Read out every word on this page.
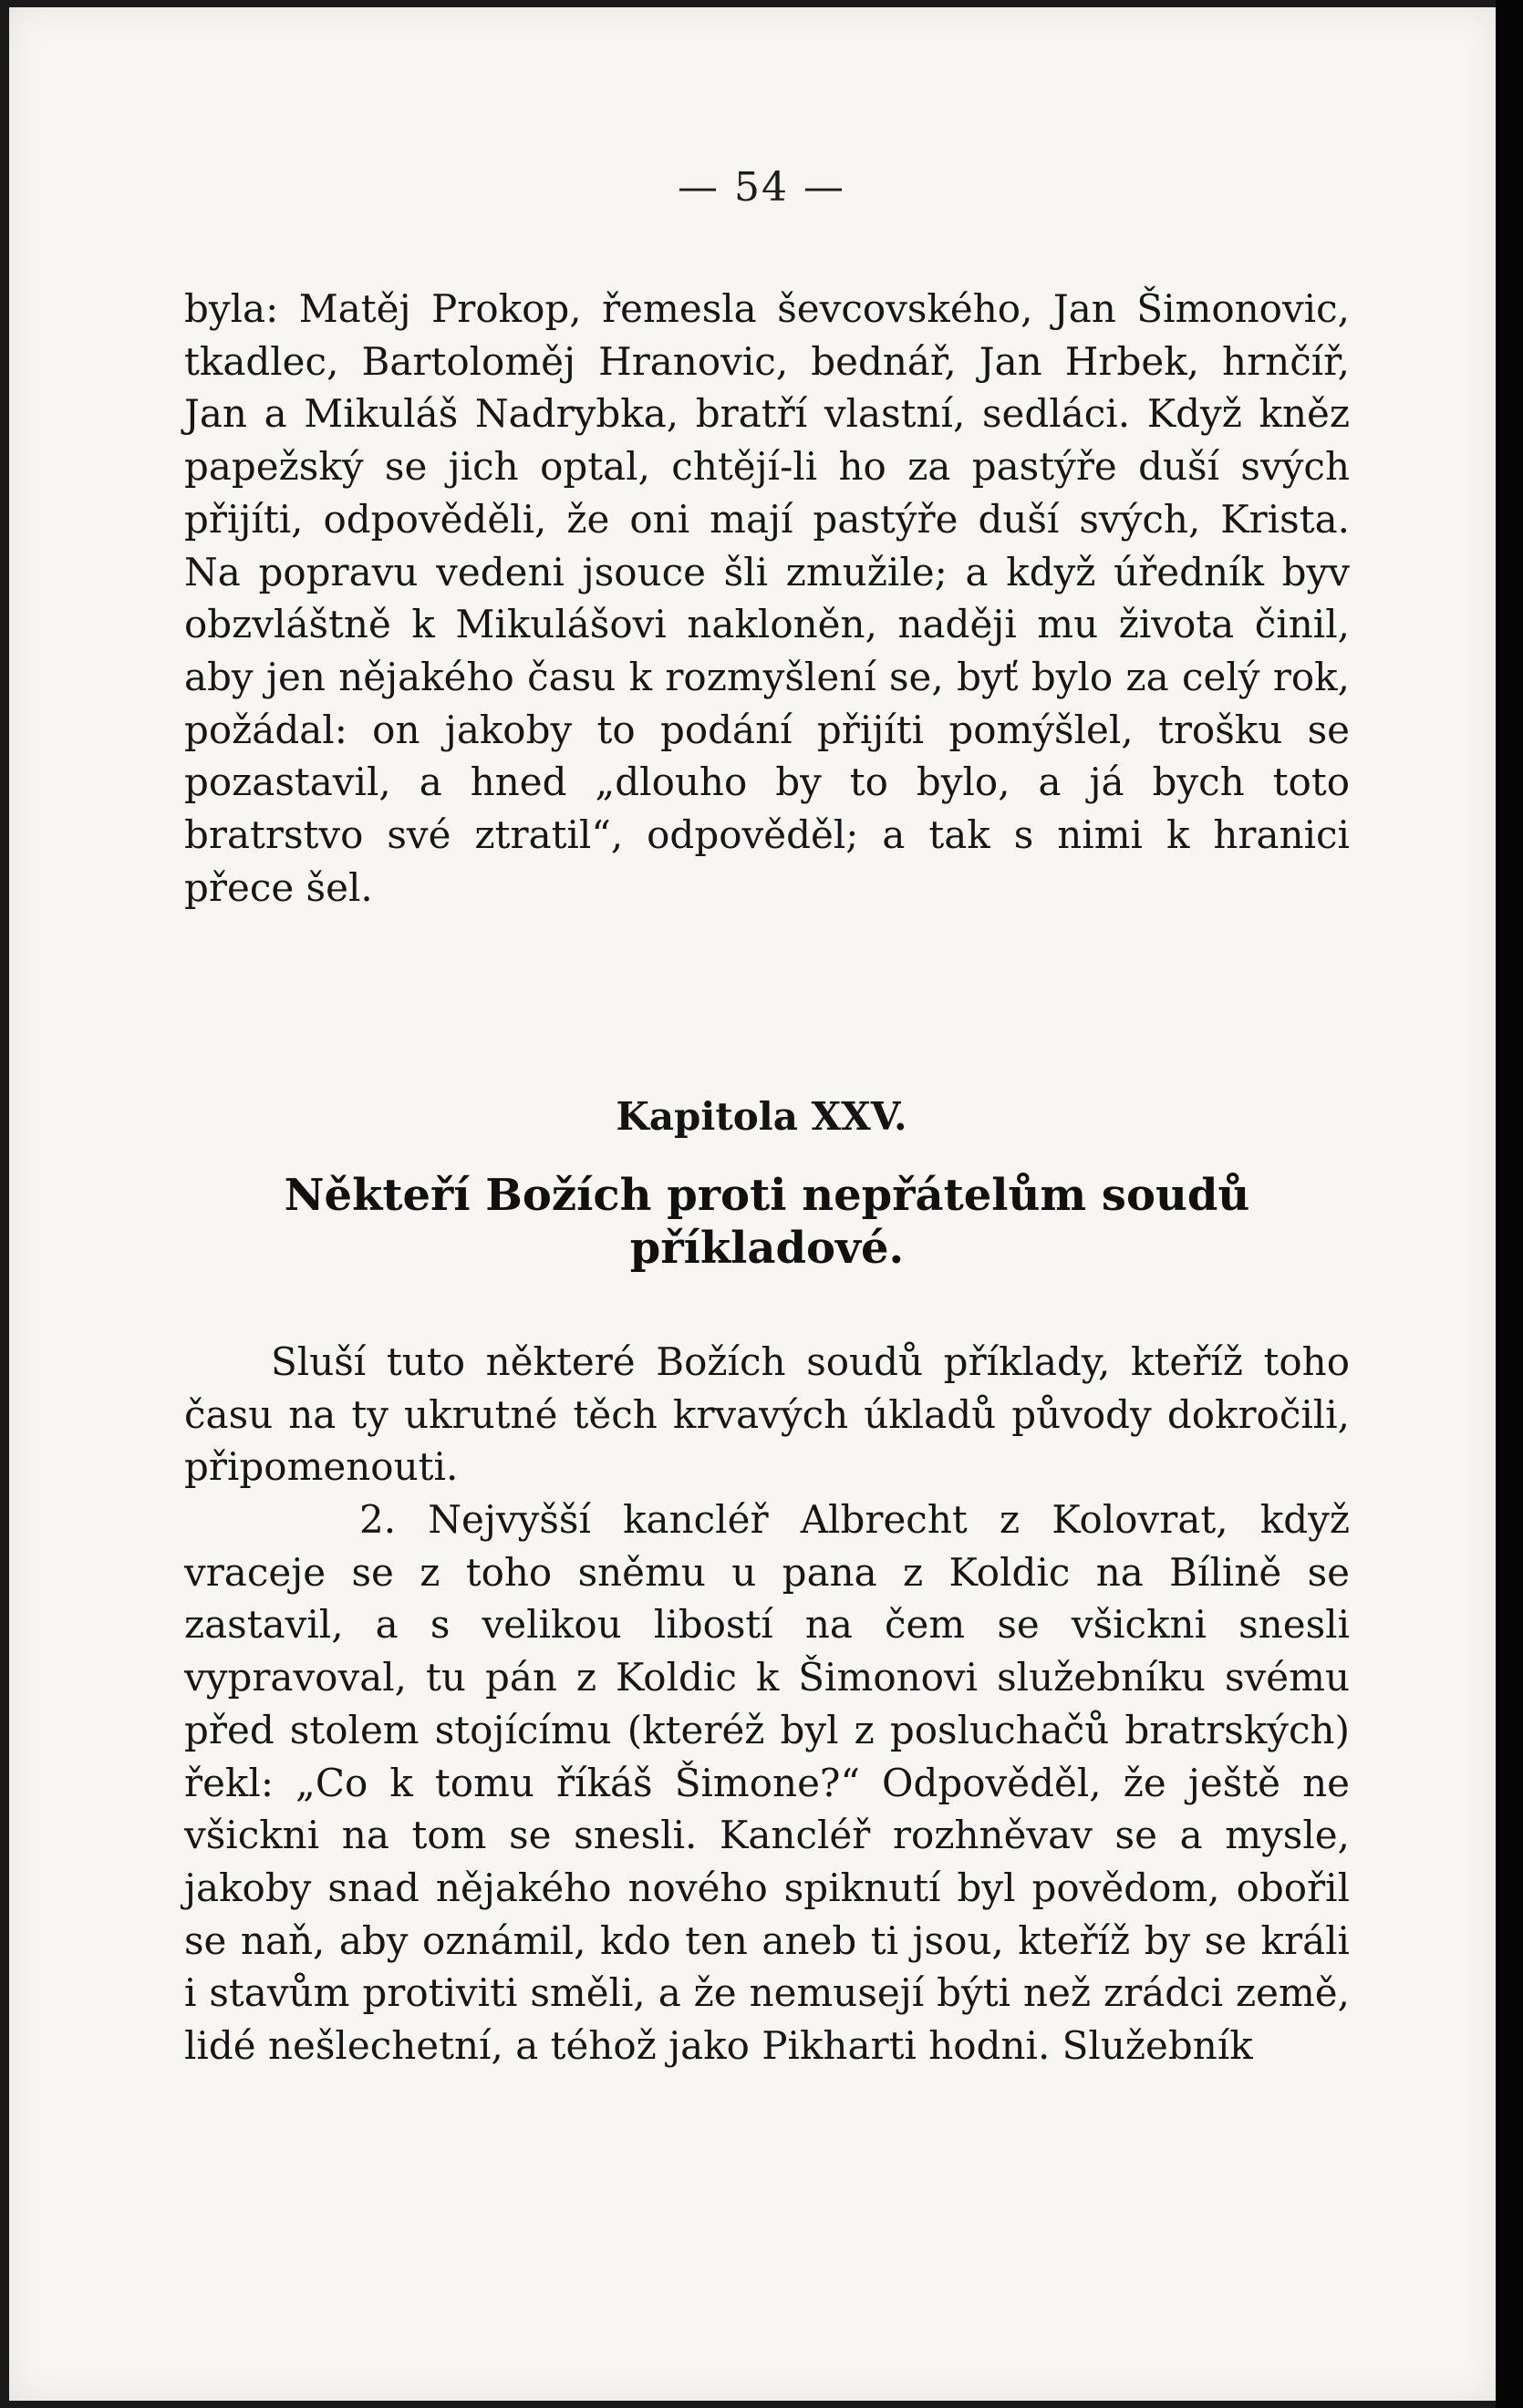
— 54 —
byla: Matěj Prokop, řemesla ševcovského, Jan Šimonovic, tkadlec, Bartoloměj Hranovic, bednář, Jan Hrbek, hrnčíř, Jan a Mikuláš Nadrybka, bratří vlastní, sedláci. Když kněz papežský se jich optal, chtějí-li ho za pastýře duší svých přijíti, odpověděli, že oni mají pastýře duší svých, Krista. Na popravu vedeni jsouce šli zmužile; a když úředník byv obzvláštně k Mikulášovi nakloněn, naději mu života činil, aby jen nějakého času k rozmyšlení se, byť bylo za celý rok, požádal: on jakoby to podání přijíti pomýšlel, trošku se pozastavil, a hned „dlouho by to bylo, a já bych toto bratrstvo své ztratil“, odpověděl; a tak s nimi k hranici přece šel.
Kapitola XXV.
Někteří Božích proti nepřátelům soudů příkladové.
Sluší tuto některé Božích soudů příklady, kteříž toho času na ty ukrutné těch krvavých úkladů původy dokročili, připomenouti.
2. Nejvyšší kancléř Albrecht z Kolovrat, když vraceje se z toho sněmu u pana z Koldic na Bílině se zastavil, a s velikou libostí na čem se všickni snesli vypravoval, tu pán z Koldic k Šimonovi služebníku svému před stolem stojícímu (kteréž byl z posluchačů bratrských) řekl: „Co k tomu říkáš Šimone?“ Odpověděl, že ještě ne všickni na tom se snesli. Kancléř rozhněvav se a mysle, jakoby snad nějakého nového spiknutí byl povědom, obořil se naň, aby oznámil, kdo ten aneb ti jsou, kteříž by se králi i stavům protiviti směli, a že nemusejí býti než zrádci země, lidé nešlechetní, a téhož jako Pikharti hodni. Služebník
